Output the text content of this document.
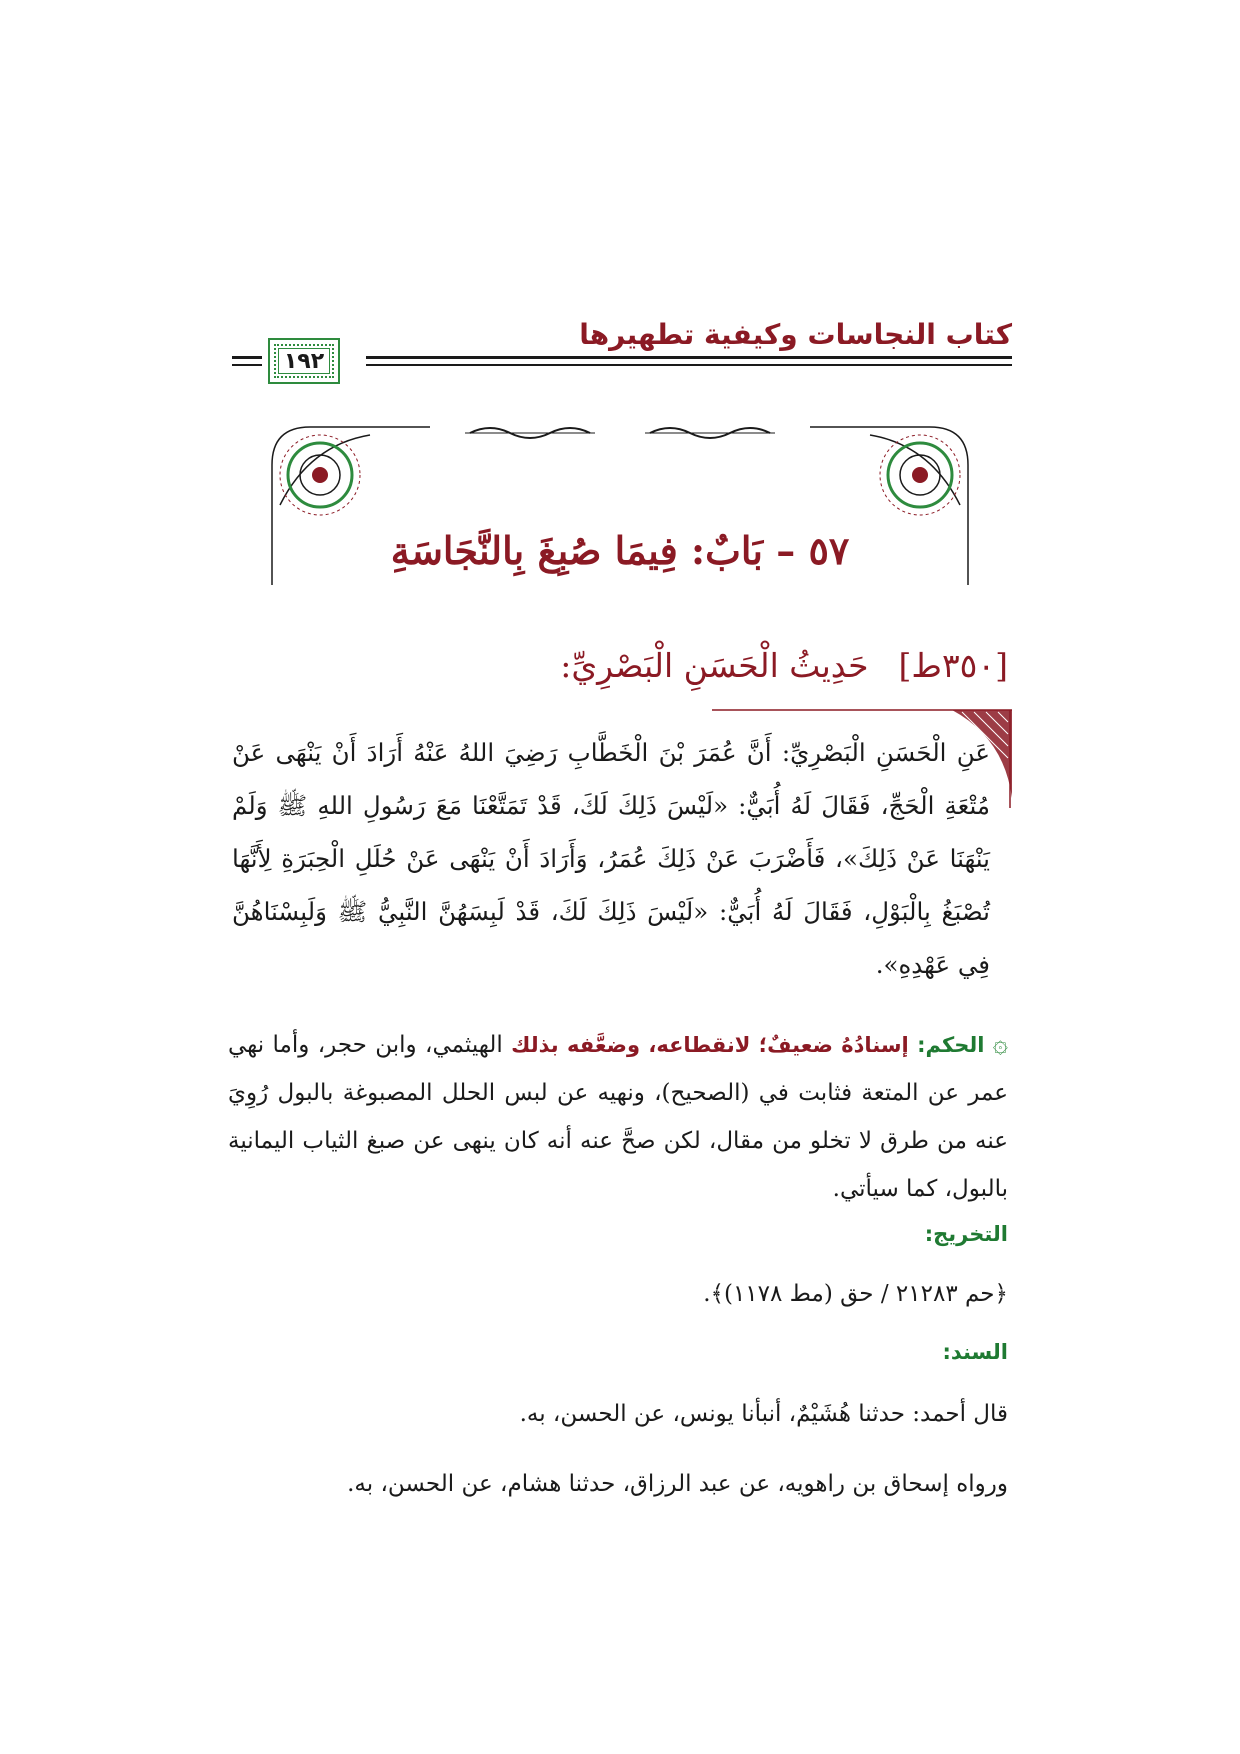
كتاب النجاسات وكيفية تطهيرها
١٩٢
٥٧ – بَابٌ: فِيمَا صُبِغَ بِالنَّجَاسَةِ
[٣٥٠ط]حَدِيثُ الْحَسَنِ الْبَصْرِيِّ:
عَنِ الْحَسَنِ الْبَصْرِيِّ: أَنَّ عُمَرَ بْنَ الْخَطَّابِ رَضِيَ اللهُ عَنْهُ أَرَادَ أَنْ يَنْهَى عَنْ مُتْعَةِ الْحَجِّ، فَقَالَ لَهُ أُبَيٌّ: «لَيْسَ ذَلِكَ لَكَ، قَدْ تَمَتَّعْنَا مَعَ رَسُولِ اللهِ ﷺ وَلَمْ يَنْهَنَا عَنْ ذَلِكَ»، فَأَضْرَبَ عَنْ ذَلِكَ عُمَرُ، وَأَرَادَ أَنْ يَنْهَى عَنْ حُلَلِ الْحِبَرَةِ لِأَنَّهَا تُصْبَغُ بِالْبَوْلِ، فَقَالَ لَهُ أُبَيٌّ: «لَيْسَ ذَلِكَ لَكَ، قَدْ لَبِسَهُنَّ النَّبِيُّ ﷺ وَلَبِسْنَاهُنَّ فِي عَهْدِهِ».
۞ الحكم: إسنادُهُ ضعيفٌ؛ لانقطاعه، وضعَّفه بذلك الهيثمي، وابن حجر، وأما نهي عمر عن المتعة فثابت في (الصحيح)، ونهيه عن لبس الحلل المصبوغة بالبول رُوِيَ عنه من طرق لا تخلو من مقال، لكن صحَّ عنه أنه كان ينهى عن صبغ الثياب اليمانية بالبول، كما سيأتي.
التخريج:
﴿حم ٢١٢٨٣ / حق (مط ١١٧٨)﴾.
السند:
قال أحمد: حدثنا هُشَيْمٌ، أنبأنا يونس، عن الحسن، به.
ورواه إسحاق بن راهويه، عن عبد الرزاق، حدثنا هشام، عن الحسن، به.
